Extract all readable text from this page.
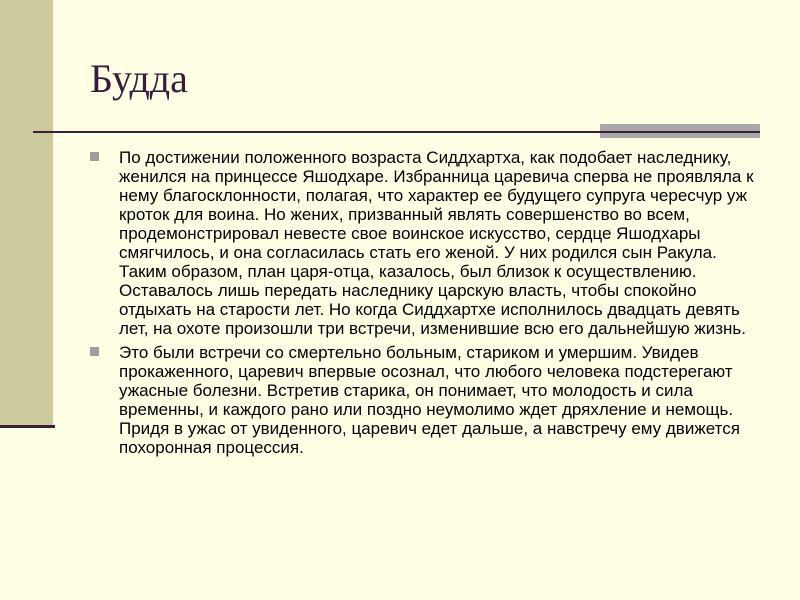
Будда
По достижении положенного возраста Сиддхартха, как подобает наследнику, женился на принцессе Яшодхаре. Избранница царевича сперва не проявляла к нему благосклонности, полагая, что характер ее будущего супруга чересчур уж кроток для воина. Но жених, призванный являть совершенство во всем, продемонстрировал невесте свое воинское искусство, сердце Яшодхары смягчилось, и она согласилась стать его женой. У них родился сын Ракула. Таким образом, план царя-отца, казалось, был близок к осуществлению. Оставалось лишь передать наследнику царскую власть, чтобы спокойно отдыхать на старости лет. Но когда Сиддхартхе исполнилось двадцать девять лет, на охоте произошли три встречи, изменившие всю его дальнейшую жизнь.
Это были встречи со смертельно больным, стариком и умершим. Увидев прокаженного, царевич впервые осознал, что любого человека подстерегают ужасные болезни. Встретив старика, он понимает, что молодость и сила временны, и каждого рано или поздно неумолимо ждет дряхление и немощь. Придя в ужас от увиденного, царевич едет дальше, а навстречу ему движется похоронная процессия.
